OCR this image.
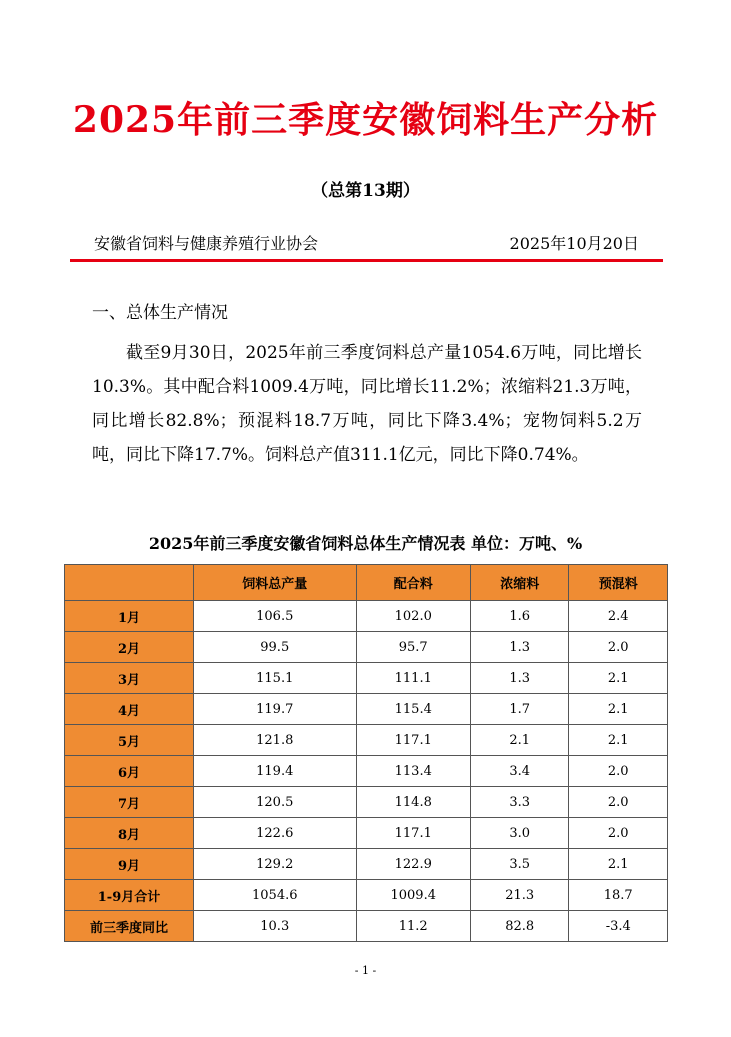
2025年前三季度安徽饲料生产分析
（总第13期）
安徽省饲料与健康养殖行业协会	2025年10月20日
一、总体生产情况
截至9月30日，2025年前三季度饲料总产量1054.6万吨，同比增长10.3%。其中配合料1009.4万吨，同比增长11.2%；浓缩料21.3万吨，同比增长82.8%；预混料18.7万吨，同比下降3.4%；宠物饲料5.2万吨，同比下降17.7%。饲料总产值311.1亿元，同比下降0.74%。
2025年前三季度安徽省饲料总体生产情况表 单位：万吨、%
	饲料总产量	配合料	浓缩料	预混料
1月	106.5	102.0	1.6	2.4
2月	99.5	95.7	1.3	2.0
3月	115.1	111.1	1.3	2.1
4月	119.7	115.4	1.7	2.1
5月	121.8	117.1	2.1	2.1
6月	119.4	113.4	3.4	2.0
7月	120.5	114.8	3.3	2.0
8月	122.6	117.1	3.0	2.0
9月	129.2	122.9	3.5	2.1
1-9月合计	1054.6	1009.4	21.3	18.7
前三季度同比	10.3	11.2	82.8	-3.4
- 1 -
